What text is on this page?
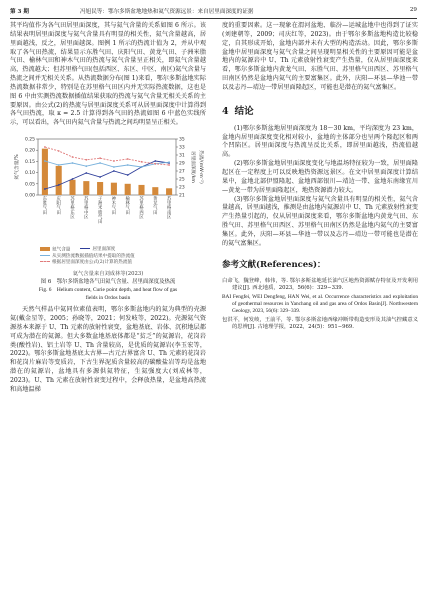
第 3 期	冯旭民等：鄂尔多斯盆地地热和氦气资源远景：来自居里面深度的证据	29

其平均值作为各气田居里面深度，其与氦气含量的关系如图 6 所示。该结果表明居里面深度与氦气含量具有明显的相关性，氦气含量越高，居里面越浅，反之，居里面越深。图例 1 所示的热流计值为 2，并从中观取了各气田热流，结果显示东胜气田、庆阳气田、黄龙气田、子洲米脂气田、榆林气田和神木气田的热流与氦气含量呈正相关，即氦气含量越高，热流越大；但苏里格气田(包括西区、东区、中区、南区)氦气含量与热流之间并无相关关系。从热流数据分布(图 1)来看，鄂尔多斯盆地实际热流数据非常少，特别是在苏里格气田区内并无实际热流数据，这也是图 6 中由实测热流数据插值结果获取的热流与氦气含量无相关关系的主要原因。由公式(2)的热流与居里面深度关系可从居里面深度中计算得到各气田热流，取 κ = 2.5 计算得到各气田的热流如图 6 中蓝色实线所示，可以看出，各气田内氦气含量与热流之间均明显呈正相关。

0.00
0.05
0.10
0.15
0.20
0.25
21
23
25
27
29
31
33
35
氦气含量/%	居里面深度/km 热流/(mW·m⁻²)
东胜气田
庆阳气田
苏里格东区
苏里格中区
子洲米脂气田
神木气田
榆林气田
苏里格西区
黄龙气田
苏里格南区
氦气含量	居里面深度
从实测热流数据插值结果中提取的热流值
根据居里面深度由公式(2)计算的热流值
氦气含量来自刘成林等(2023)
图 6　鄂尔多斯盆地各气田氦气含量、居里面深度及热流
Fig. 6　Helium content, Curie point depth, and heat flow of gas
fields in Ordos basin

天然气样品中氦同位素值表明，鄂尔多斯盆地内的氦为典型的壳源氦(戴金星等，2005；孙晓等，2021；何发岐等，2022)。壳源氦气资源基本来源于 U、Th 元素的放射性衰变，盆地基底、岩体、沉积地层都可成为潜在的氦源。但大多数盆地基底体都是“贫乏”的氦源岩，花岗岩类(酸性岩)、铝土岩等 U、Th 含量较高，是优质的氦源岩(李玉宏等，2022)。鄂尔多斯盆地基底太古界—古元古界富含 U、Th 元素的花岗岩和花岗片麻岩等变质岩，下古生界泥质含量较高的碳酸盐岩等均是盆地潜在的氦源岩，盆地具有多源供氦特征，生氦强度大(刘成林等，2023)。U、Th 元素在放射性衰变过程中，会释放热量，是盆地高热流和高地温梯

度的重要因素。这一现象在渭河盆地、临汾—运城盆地中也得到了证实(刘建朝等，2009；司庆红等，2023)。由于鄂尔多斯盆地构造比较稳定，自其形成开始，盆地内部并未有大型的构造活动。因此，鄂尔多斯盆地中居里面深度与氦气含量之间呈现明显相关性的主要原因可能是盆地内的氦源岩中 U、Th 元素放射性衰变产生热量，仅从居里面深度来看，鄂尔多斯盆地内黄龙气田、东胜气田、苏里格气田西区、苏里格气田南区仍然是盆地内氦气的主要富集区。此外，庆阳—环县—华池一带以及志丹—靖边一带居里面隆起区，可能也是潜在的氦气富集区。

4 结论

(1)鄂尔多斯盆地居里面深度为 18～30 km，平均深度为 23 km，盆地内居里面深度变化相对较小，盆地的主体部分也呈两个隆起区和两个凹陷区。居里面深度与热流呈反比关系，即居里面越浅，热流值越高。

(2)鄂尔多斯盆地居里面深度变化与地温场特征较为一致，居里面隆起区在一定程度上可以反映地热资源远景区。在文中居里面深度计算结果中，盆地北部伊盟隆起、盆地西部银川—靖边一带、盆地东南缘宜川—黄龙一带为居里面隆起区，地热资源潜力较大。

(3)鄂尔多斯盆地居里面深度与氦气含量具有明显的相关性，氦气含量越高，居里面越浅，推测是由盆地内氦源岩中 U、Th 元素放射性衰变产生热量引起的，仅从居里面深度来看，鄂尔多斯盆地内黄龙气田、东胜气田、苏里格气田西区、苏里格气田南区仍然是盆地内氦气的主要富集区。此外，庆阳—环县—华池一带以及志丹—靖边一带可能也是潜在的氦气富集区。

参考文献(References)：
白命飞，魏登峰，韩伟，等. 鄂尔多斯盆地延长油气区地热资源赋存特征及开发利用建议[J]. 西北地质，2023，56(6)：329−339.
BAI Fengfei, WEI Dengfeng, HAN Wei, et al. Occurrence characteristics and exploitation of geothermal resources in Yanchang oil and gas area of Ordos Basin[J]. Northwestern Geology, 2023, 56(6): 329−339.
包洪平，何发岐，王前平，等. 鄂尔多斯盆地西缘冲断带构造变形及其油气控藏意义的思辨[J]. 古地理学报，2022，24(5)：951−969.
